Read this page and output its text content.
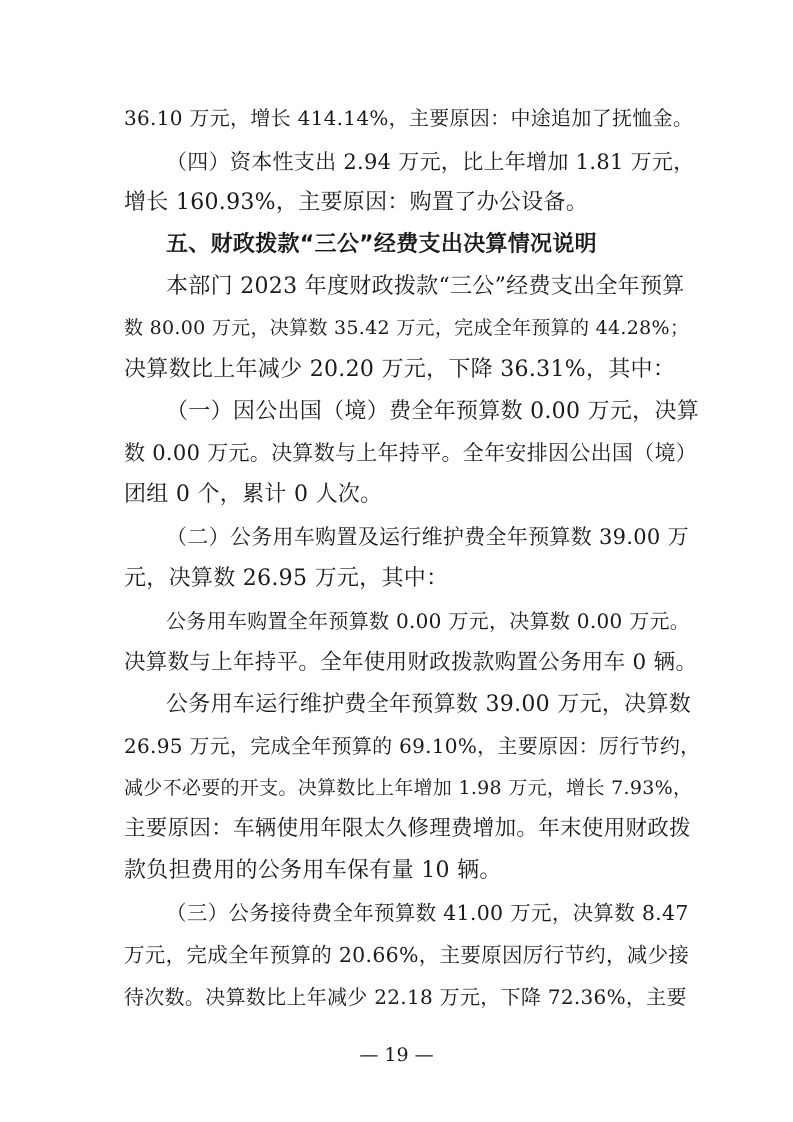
36.10 万元，增长 414.14%，主要原因：中途追加了抚恤金。
（四）资本性支出 2.94 万元，比上年增加 1.81 万元，
增长 160.93%，主要原因：购置了办公设备。
五、财政拨款“三公”经费支出决算情况说明
本部门 2023 年度财政拨款“三公”经费支出全年预算
数 80.00 万元，决算数 35.42 万元，完成全年预算的 44.28%；
决算数比上年减少 20.20 万元，下降 36.31%，其中：
（一）因公出国（境）费全年预算数 0.00 万元，决算
数 0.00 万元。决算数与上年持平。全年安排因公出国（境）
团组 0 个，累计 0 人次。
（二）公务用车购置及运行维护费全年预算数 39.00 万
元，决算数 26.95 万元，其中：
公务用车购置全年预算数 0.00 万元，决算数 0.00 万元。
决算数与上年持平。全年使用财政拨款购置公务用车 0 辆。
公务用车运行维护费全年预算数 39.00 万元，决算数
26.95 万元，完成全年预算的 69.10%，主要原因：厉行节约，
减少不必要的开支。决算数比上年增加 1.98 万元，增长 7.93%，
主要原因：车辆使用年限太久修理费增加。年末使用财政拨
款负担费用的公务用车保有量 10 辆。
（三）公务接待费全年预算数 41.00 万元，决算数 8.47
万元，完成全年预算的 20.66%，主要原因厉行节约，减少接
待次数。决算数比上年减少 22.18 万元，下降 72.36%，主要
— 19 —
